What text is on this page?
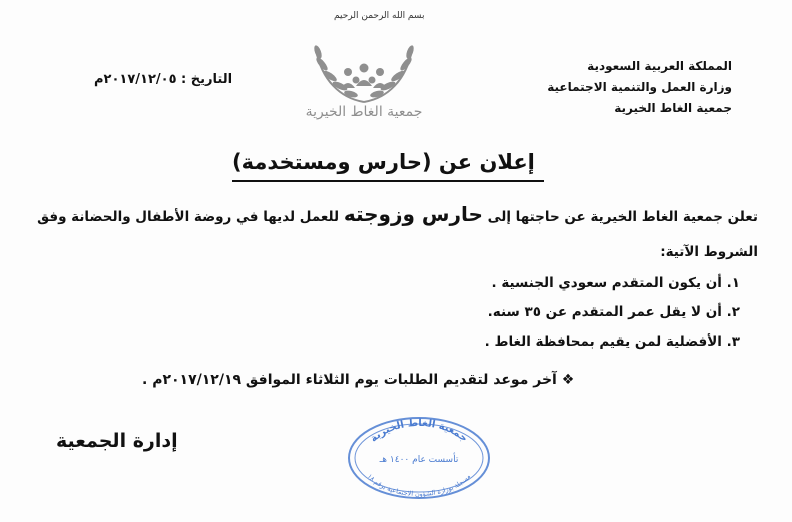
بسم الله الرحمن الرحيم
جمعية الغاط الخيرية
المملكة العربية السعودية
وزارة العمل والتنمية الاجتماعية
جمعية الغاط الخيرية
التاريخ : ٢٠١٧/١٢/٠٥م
إعلان عن (حارس ومستخدمة)
تعلن جمعية الغاط الخيرية عن حاجتها إلى حارس وزوجته للعمل لديها في روضة الأطفال والحضانة وفق
الشروط الآتية:
١. أن يكون المتقدم سعودي الجنسية .
٢. أن لا يقل عمر المتقدم عن ٣٥ سنه.
٣. الأفضلية لمن يقيم بمحافظة الغاط .
❖ آخر موعد لتقديم الطلبات يوم الثلاثاء الموافق ٢٠١٧/١٢/١٩م .
إدارة الجمعية	جمعية الغاط الخيرية
تأسست عام ١٤٠٠ هـ
مسجلة بوزارة الشؤون الاجتماعية برقم ١٨
